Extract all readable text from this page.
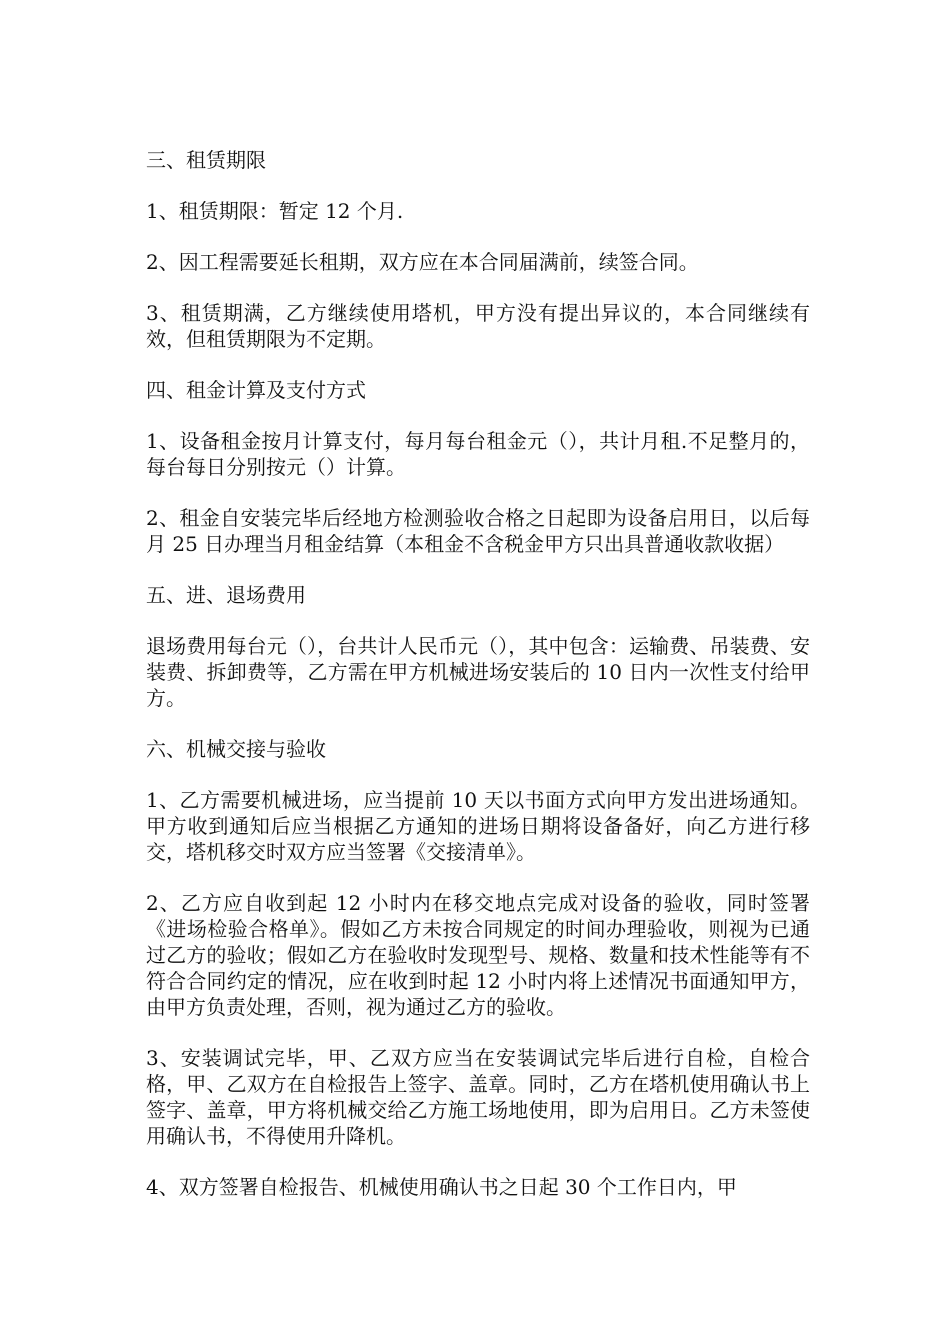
三、租赁期限
1、租赁期限：暂定 12 个月.
2、因工程需要延长租期，双方应在本合同届满前，续签合同。
3、租赁期满，乙方继续使用塔机，甲方没有提出异议的，本合同继续有效，但租赁期限为不定期。
四、租金计算及支付方式
1、设备租金按月计算支付，每月每台租金元（），共计月租.不足整月的，每台每日分别按元（）计算。
2、租金自安装完毕后经地方检测验收合格之日起即为设备启用日，以后每月 25 日办理当月租金结算（本租金不含税金甲方只出具普通收款收据）
五、进、退场费用
退场费用每台元（），台共计人民币元（），其中包含：运输费、吊装费、安装费、拆卸费等，乙方需在甲方机械进场安装后的 10 日内一次性支付给甲方。
六、机械交接与验收
1、乙方需要机械进场，应当提前 10 天以书面方式向甲方发出进场通知。甲方收到通知后应当根据乙方通知的进场日期将设备备好，向乙方进行移交，塔机移交时双方应当签署《交接清单》。
2、乙方应自收到起 12 小时内在移交地点完成对设备的验收，同时签署《进场检验合格单》。假如乙方未按合同规定的时间办理验收，则视为已通过乙方的验收；假如乙方在验收时发现型号、规格、数量和技术性能等有不符合合同约定的情况，应在收到时起 12 小时内将上述情况书面通知甲方，由甲方负责处理，否则，视为通过乙方的验收。
3、安装调试完毕，甲、乙双方应当在安装调试完毕后进行自检，自检合格，甲、乙双方在自检报告上签字、盖章。同时，乙方在塔机使用确认书上签字、盖章，甲方将机械交给乙方施工场地使用，即为启用日。乙方未签使用确认书，不得使用升降机。
4、双方签署自检报告、机械使用确认书之日起 30 个工作日内，甲
